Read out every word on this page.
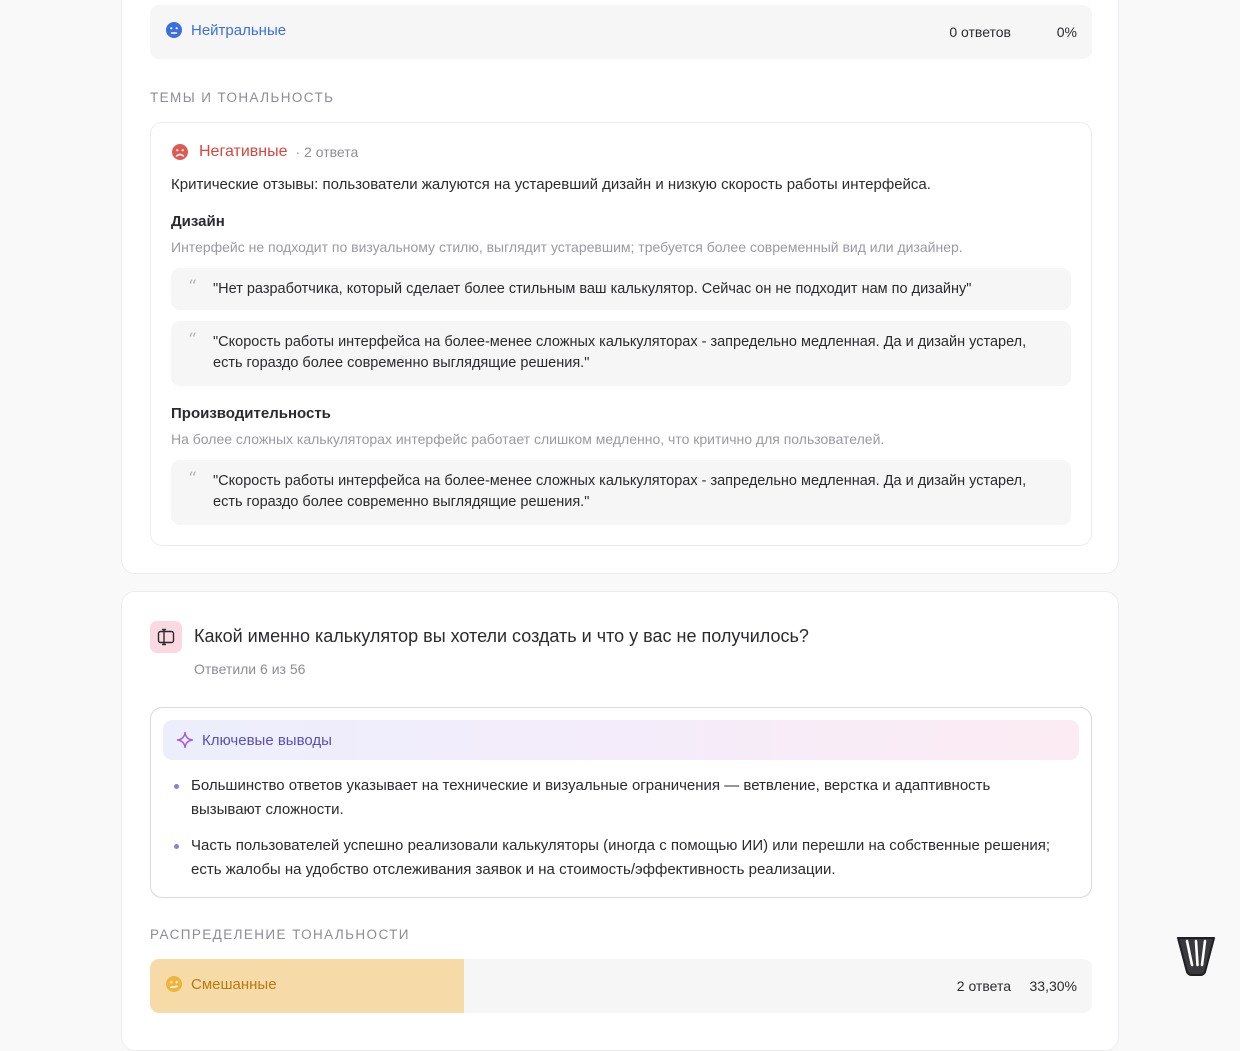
Нейтральные	0 ответов	0%
ТЕМЫ И ТОНАЛЬНОСТЬ
Негативные · 2 ответа
Критические отзывы: пользователи жалуются на устаревший дизайн и низкую скорость работы интерфейса.
Дизайн
Интерфейс не подходит по визуальному стилю, выглядит устаревшим; требуется более современный вид или дизайнер.
“ "Нет разработчика, который сделает более стильным ваш калькулятор. Сейчас он не подходит нам по дизайну"
“ "Скорость работы интерфейса на более-менее сложных калькуляторах - запредельно медленная. Да и дизайн устарел, есть гораздо более современно выглядящие решения."
Производительность
На более сложных калькуляторах интерфейс работает слишком медленно, что критично для пользователей.
“ "Скорость работы интерфейса на более-менее сложных калькуляторах - запредельно медленная. Да и дизайн устарел, есть гораздо более современно выглядящие решения."
Какой именно калькулятор вы хотели создать и что у вас не получилось?
Ответили 6 из 56
Ключевые выводы
Большинство ответов указывает на технические и визуальные ограничения — ветвление, верстка и адаптивность вызывают сложности.
Часть пользователей успешно реализовали калькуляторы (иногда с помощью ИИ) или перешли на собственные решения; есть жалобы на удобство отслеживания заявок и на стоимость/эффективность реализации.
РАСПРЕДЕЛЕНИЕ ТОНАЛЬНОСТИ
Смешанные	2 ответа 33,30%
